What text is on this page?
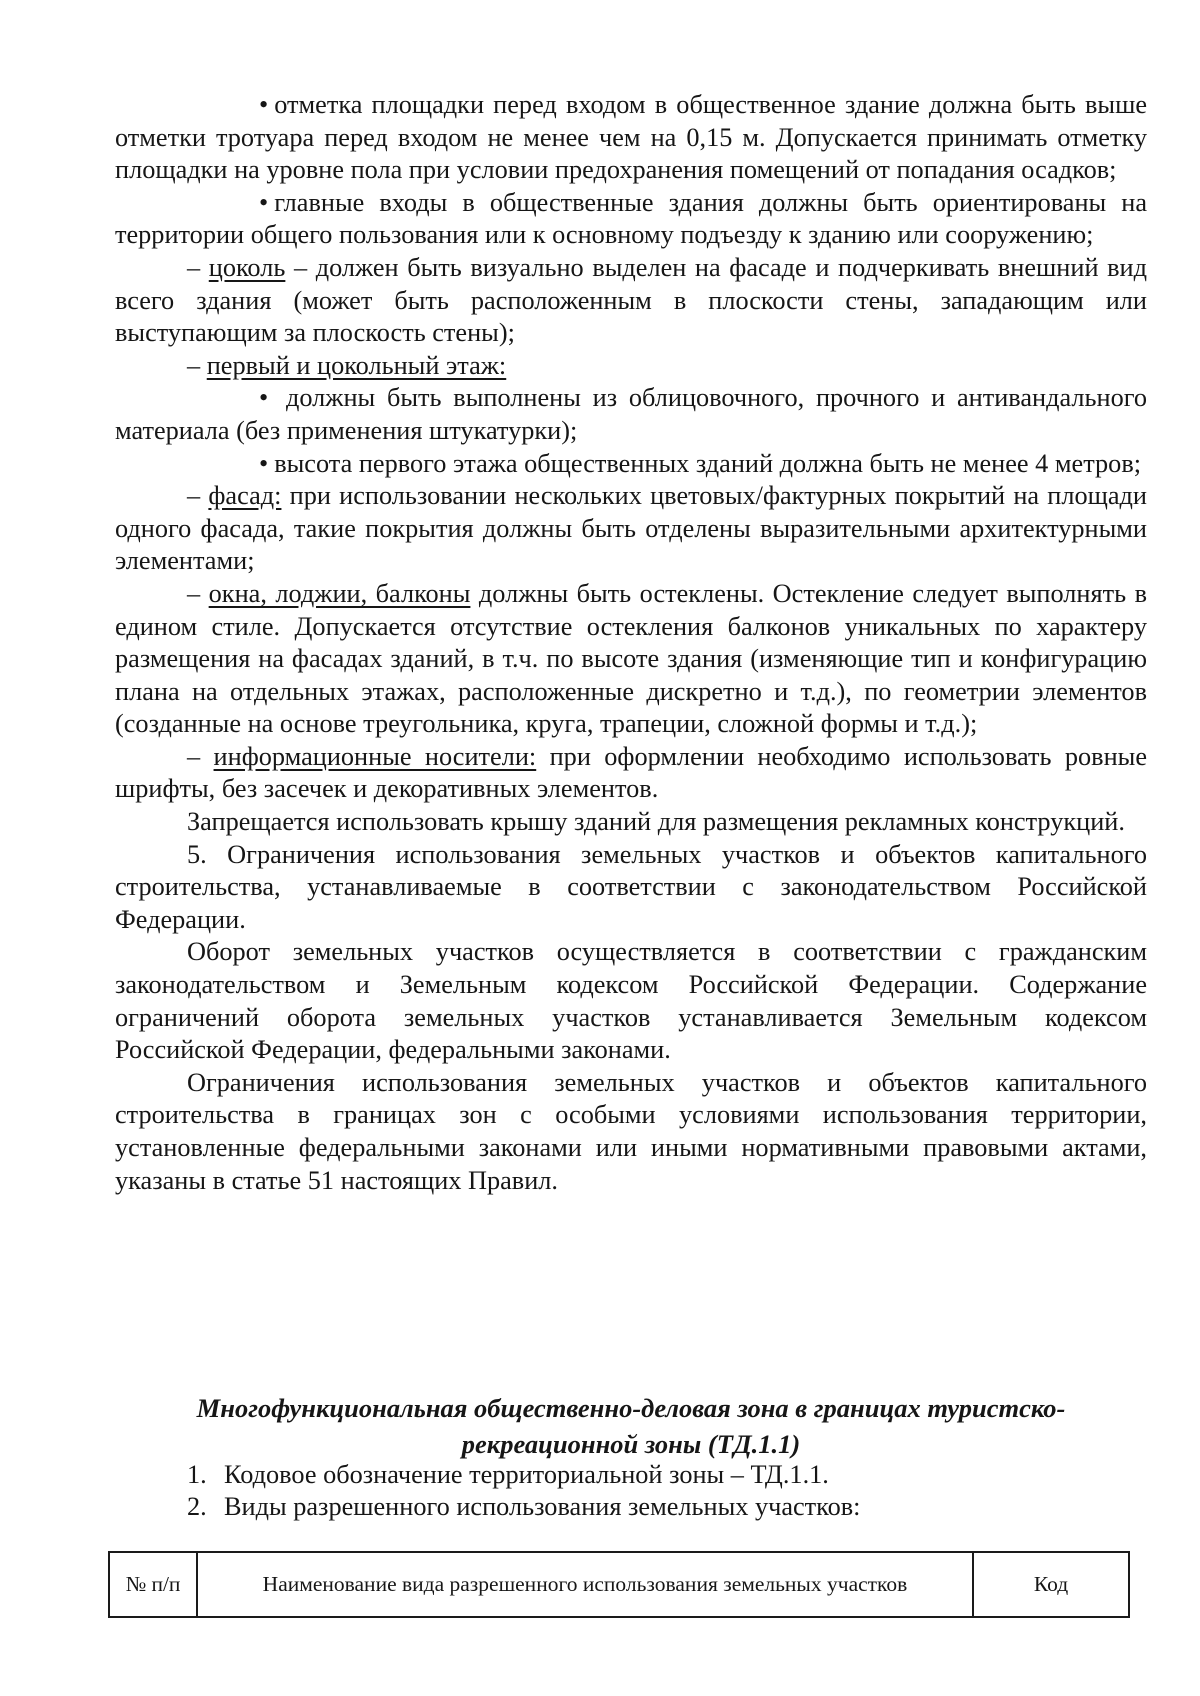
• отметка площадки перед входом в общественное здание должна быть выше отметки тротуара перед входом не менее чем на 0,15 м. Допускается принимать отметку площадки на уровне пола при условии предохранения помещений от попадания осадков;

• главные входы в общественные здания должны быть ориентированы на территории общего пользования или к основному подъезду к зданию или сооружению;

– цоколь – должен быть визуально выделен на фасаде и подчеркивать внешний вид всего здания (может быть расположенным в плоскости стены, западающим или выступающим за плоскость стены);

– первый и цокольный этаж:

• должны быть выполнены из облицовочного, прочного и антивандального материала (без применения штукатурки);

• высота первого этажа общественных зданий должна быть не менее 4 метров;

– фасад: при использовании нескольких цветовых/фактурных покрытий на площади одного фасада, такие покрытия должны быть отделены выразительными архитектурными элементами;

– окна, лоджии, балконы должны быть остеклены. Остекление следует выполнять в едином стиле. Допускается отсутствие остекления балконов уникальных по характеру размещения на фасадах зданий, в т.ч. по высоте здания (изменяющие тип и конфигурацию плана на отдельных этажах, расположенные дискретно и т.д.), по геометрии элементов (созданные на основе треугольника, круга, трапеции, сложной формы и т.д.);

– информационные носители: при оформлении необходимо использовать ровные шрифты, без засечек и декоративных элементов.

Запрещается использовать крышу зданий для размещения рекламных конструкций.

5. Ограничения использования земельных участков и объектов капитального строительства, устанавливаемые в соответствии с законодательством Российской Федерации.

Оборот земельных участков осуществляется в соответствии с гражданским законодательством и Земельным кодексом Российской Федерации. Содержание ограничений оборота земельных участков устанавливается Земельным кодексом Российской Федерации, федеральными законами.

Ограничения использования земельных участков и объектов капитального строительства в границах зон с особыми условиями использования территории, установленные федеральными законами или иными нормативными правовыми актами, указаны в статье 51 настоящих Правил.

Многофункциональная общественно-деловая зона в границах туристско-
рекреационной зоны (ТД.1.1)
1. Кодовое обозначение территориальной зоны – ТД.1.1.
2. Виды разрешенного использования земельных участков:
№ п/п	Наименование вида разрешенного использования земельных участков	Код
